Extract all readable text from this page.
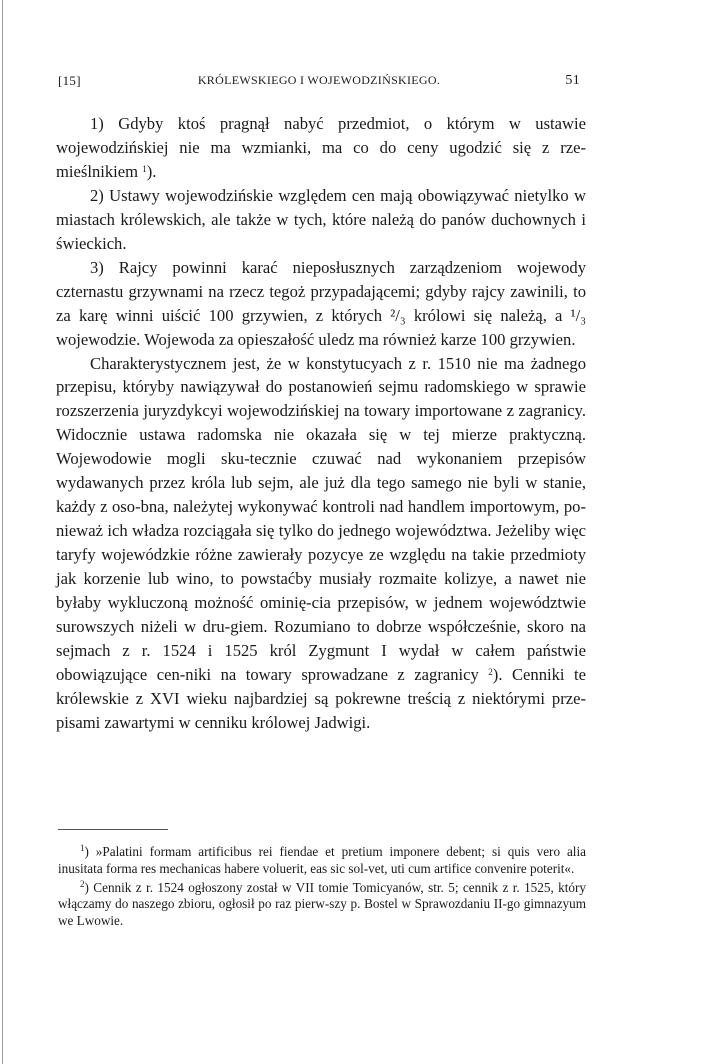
[15]	KRÓLEWSKIEGO I WOJEWODZIŃSKIEGO.	51

1) Gdyby ktoś pragnął nabyć przedmiot, o którym w ustawie wojewodzińskiej nie ma wzmianki, ma co do ceny ugodzić się z rze-mieślnikiem $^1$).

2) Ustawy wojewodzińskie względem cen mają obowiązywać nietylko w miastach królewskich, ale także w tych, które należą do panów duchownych i świeckich.

3) Rajcy powinni karać nieposłusznych zarządzeniom wojewody czternastu grzywnami na rzecz tegoż przypadającemi; gdyby rajcy zawinili, to za karę winni uiścić 100 grzywien, z których ²/₃ królowi się należą, a ¹/₃ wojewodzie. Wojewoda za opieszałość uledz ma również karze 100 grzywien.

Charakterystycznem jest, że w konstytucyach z r. 1510 nie ma żadnego przepisu, któryby nawiązywał do postanowień sejmu radomskiego w sprawie rozszerzenia juryzdykcyi wojewodzińskiej na towary importowane z zagranicy. Widocznie ustawa radomska nie okazała się w tej mierze praktyczną. Wojewodowie mogli sku-tecznie czuwać nad wykonaniem przepisów wydawanych przez króla lub sejm, ale już dla tego samego nie byli w stanie, każdy z oso-bna, należytej wykonywać kontroli nad handlem importowym, po-nieważ ich władza rozciągała się tylko do jednego województwa. Jeżeliby więc taryfy wojewódzkie różne zawierały pozycye ze względu na takie przedmioty jak korzenie lub wino, to powstaćby musiały rozmaite kolizye, a nawet nie byłaby wykluczoną możność ominię-cia przepisów, w jednem województwie surowszych niżeli w dru-giem. Rozumiano to dobrze współcześnie, skoro na sejmach z r. 1524 i 1525 król Zygmunt I wydał w całem państwie obowiązujące cen-niki na towary sprowadzane z zagranicy $^2$). Cenniki te królewskie z XVI wieku najbardziej są pokrewne treścią z niektórymi prze-pisami zawartymi w cenniku królowej Jadwigi.

$^1$) »Palatini formam artificibus rei fiendae et pretium imponere debent; si quis vero alia inusitata forma res mechanicas habere voluerit, eas sic sol-vet, uti cum artifice convenire poterit«.

$^2$) Cennik z r. 1524 ogłoszony został w VII tomie Tomicyanów, str. 5; cennik z r. 1525, który włączamy do naszego zbioru, ogłosił po raz pierw-szy p. Bostel w Sprawozdaniu II-go gimnazyum we Lwowie.
